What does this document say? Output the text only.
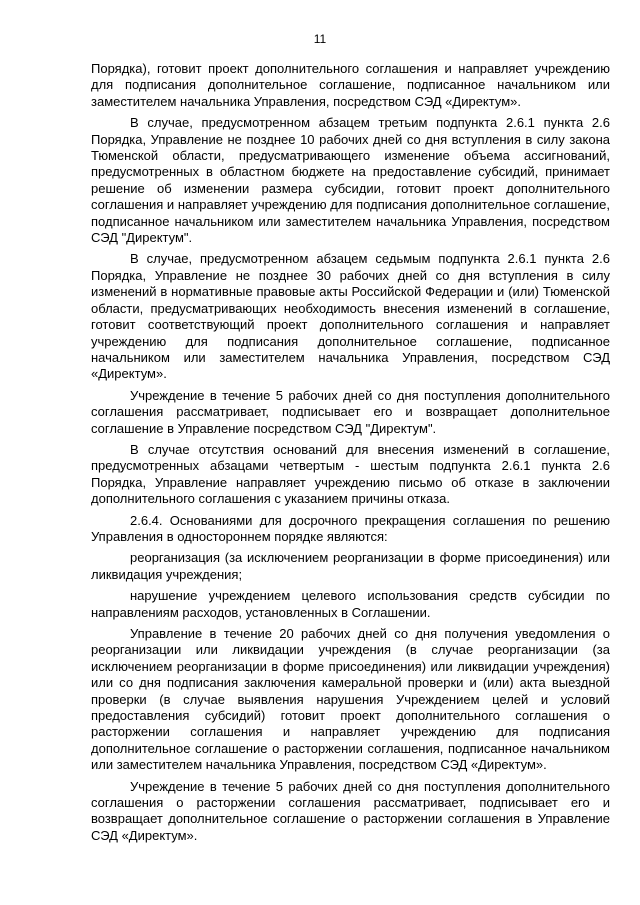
11

Порядка), готовит проект дополнительного соглашения и направляет учреждению для подписания дополнительное соглашение, подписанное начальником или заместителем начальника Управления, посредством СЭД «Директум».

В случае, предусмотренном абзацем третьим подпункта 2.6.1 пункта 2.6 Порядка, Управление не позднее 10 рабочих дней со дня вступления в силу закона Тюменской области, предусматривающего изменение объема ассигнований, предусмотренных в областном бюджете на предоставление субсидий, принимает решение об изменении размера субсидии, готовит проект дополнительного соглашения и направляет учреждению для подписания дополнительное соглашение, подписанное начальником или заместителем начальника Управления, посредством СЭД "Директум".

В случае, предусмотренном абзацем седьмым подпункта 2.6.1 пункта 2.6 Порядка, Управление не позднее 30 рабочих дней со дня вступления в силу изменений в нормативные правовые акты Российской Федерации и (или) Тюменской области, предусматривающих необходимость внесения изменений в соглашение, готовит соответствующий проект дополнительного соглашения и направляет учреждению для подписания дополнительное соглашение, подписанное начальником или заместителем начальника Управления, посредством СЭД «Директум».

Учреждение в течение 5 рабочих дней со дня поступления дополнительного соглашения рассматривает, подписывает его и возвращает дополнительное соглашение в Управление посредством СЭД "Директум".

В случае отсутствия оснований для внесения изменений в соглашение, предусмотренных абзацами четвертым - шестым подпункта 2.6.1 пункта 2.6 Порядка, Управление направляет учреждению письмо об отказе в заключении дополнительного соглашения с указанием причины отказа.

2.6.4. Основаниями для досрочного прекращения соглашения по решению Управления в одностороннем порядке являются:

реорганизация (за исключением реорганизации в форме присоединения) или ликвидация учреждения;

нарушение учреждением целевого использования средств субсидии по направлениям расходов, установленных в Соглашении.

Управление в течение 20 рабочих дней со дня получения уведомления о реорганизации или ликвидации учреждения (в случае реорганизации (за исключением реорганизации в форме присоединения) или ликвидации учреждения) или со дня подписания заключения камеральной проверки и (или) акта выездной проверки (в случае выявления нарушения Учреждением целей и условий предоставления субсидий) готовит проект дополнительного соглашения о расторжении соглашения и направляет учреждению для подписания дополнительное соглашение о расторжении соглашения, подписанное начальником или заместителем начальника Управления, посредством СЭД «Директум».

Учреждение в течение 5 рабочих дней со дня поступления дополнительного соглашения о расторжении соглашения рассматривает, подписывает его и возвращает дополнительное соглашение о расторжении соглашения в Управление СЭД «Директум».
